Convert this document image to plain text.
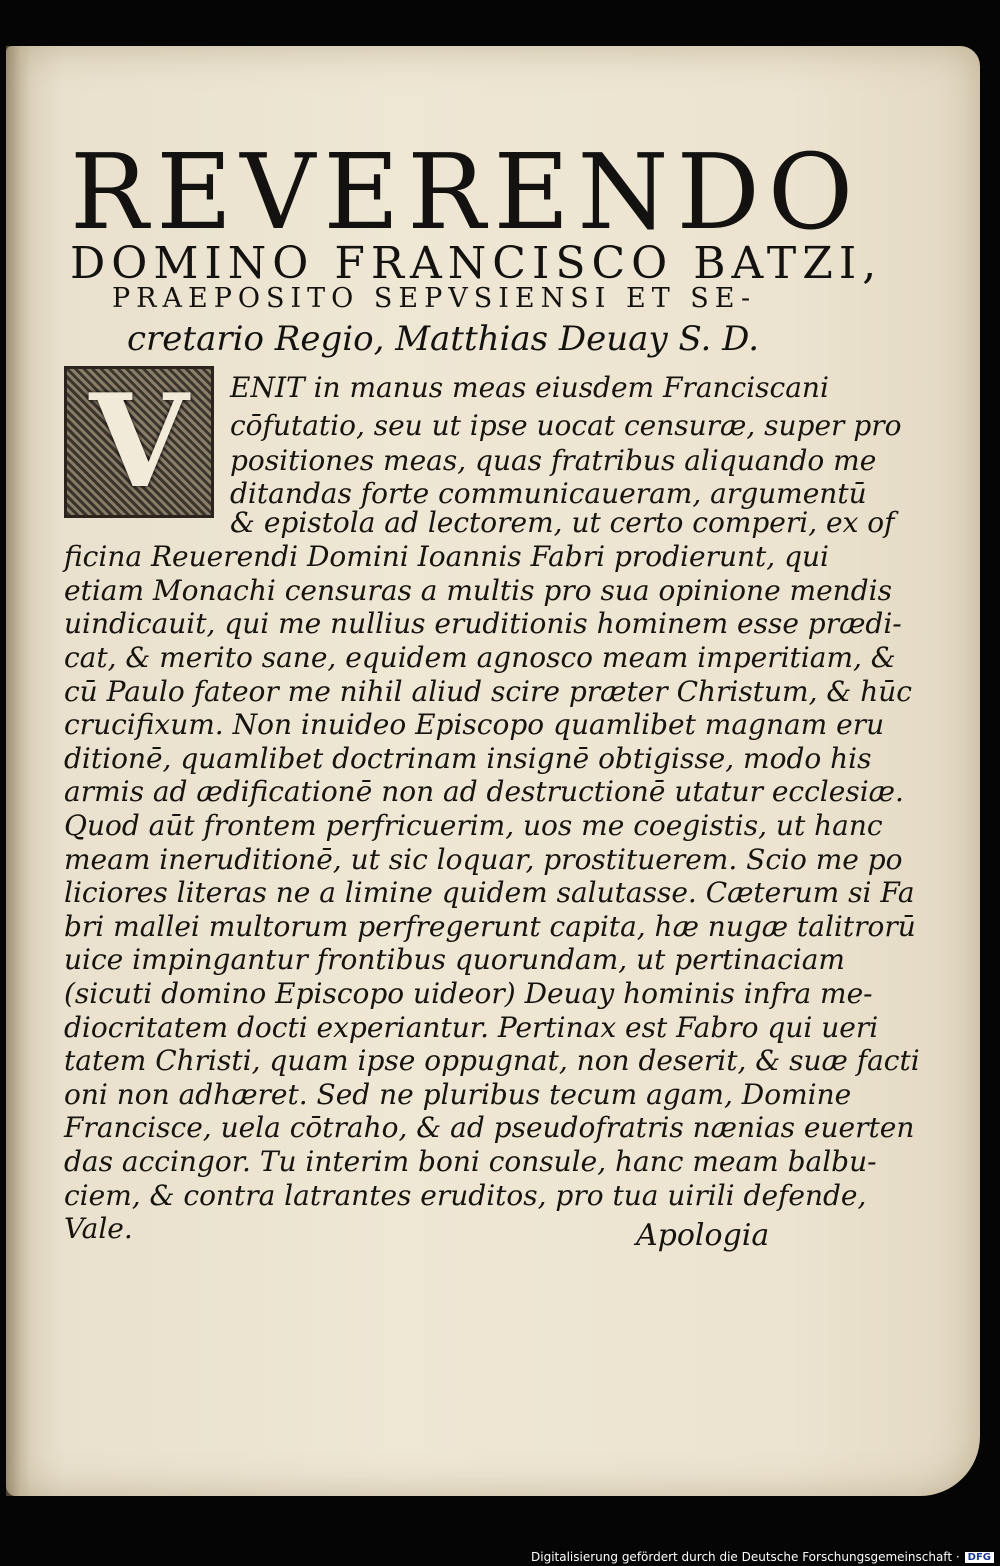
REVERENDO
DOMINO FRANCISCO BATZI,
PRAEPOSITO SEPVSIENSI ET SE-
cretario Regio, Matthias Deuay S. D.
V ENIT in manus meas eiusdem Franciscani
cōfutatio, seu ut ipse uocat censuræ, super pro
positiones meas, quas fratribus aliquando me
ditandas forte communicaueram, argumentū
& epistola ad lectorem, ut certo comperi, ex of
ficina Reuerendi Domini Ioannis Fabri prodierunt, qui
etiam Monachi censuras a multis pro sua opinione mendis
uindicauit, qui me nullius eruditionis hominem esse prædi-
cat, & merito sane, equidem agnosco meam imperitiam, &
cū Paulo fateor me nihil aliud scire præter Christum, & hūc
crucifixum. Non inuideo Episcopo quamlibet magnam eru
ditionē, quamlibet doctrinam insignē obtigisse, modo his
armis ad ædificationē non ad destructionē utatur ecclesiæ.
Quod aūt frontem perfricuerim, uos me coegistis, ut hanc
meam ineruditionē, ut sic loquar, prostituerem. Scio me po
liciores literas ne a limine quidem salutasse. Cæterum si Fa
bri mallei multorum perfregerunt capita, hæ nugæ talitrorū
uice impingantur frontibus quorundam, ut pertinaciam
(sicuti domino Episcopo uideor) Deuay hominis infra me-
diocritatem docti experiantur. Pertinax est Fabro qui ueri
tatem Christi, quam ipse oppugnat, non deserit, & suæ facti
oni non adhæret. Sed ne pluribus tecum agam, Domine
Francisce, uela cōtraho, & ad pseudofratris nænias euerten
das accingor. Tu interim boni consule, hanc meam balbu-
ciem, & contra latrantes eruditos, pro tua uirili defende,
Vale.	Apologia
Digitalisierung gefördert durch die Deutsche Forschungsgemeinschaft · DFG
